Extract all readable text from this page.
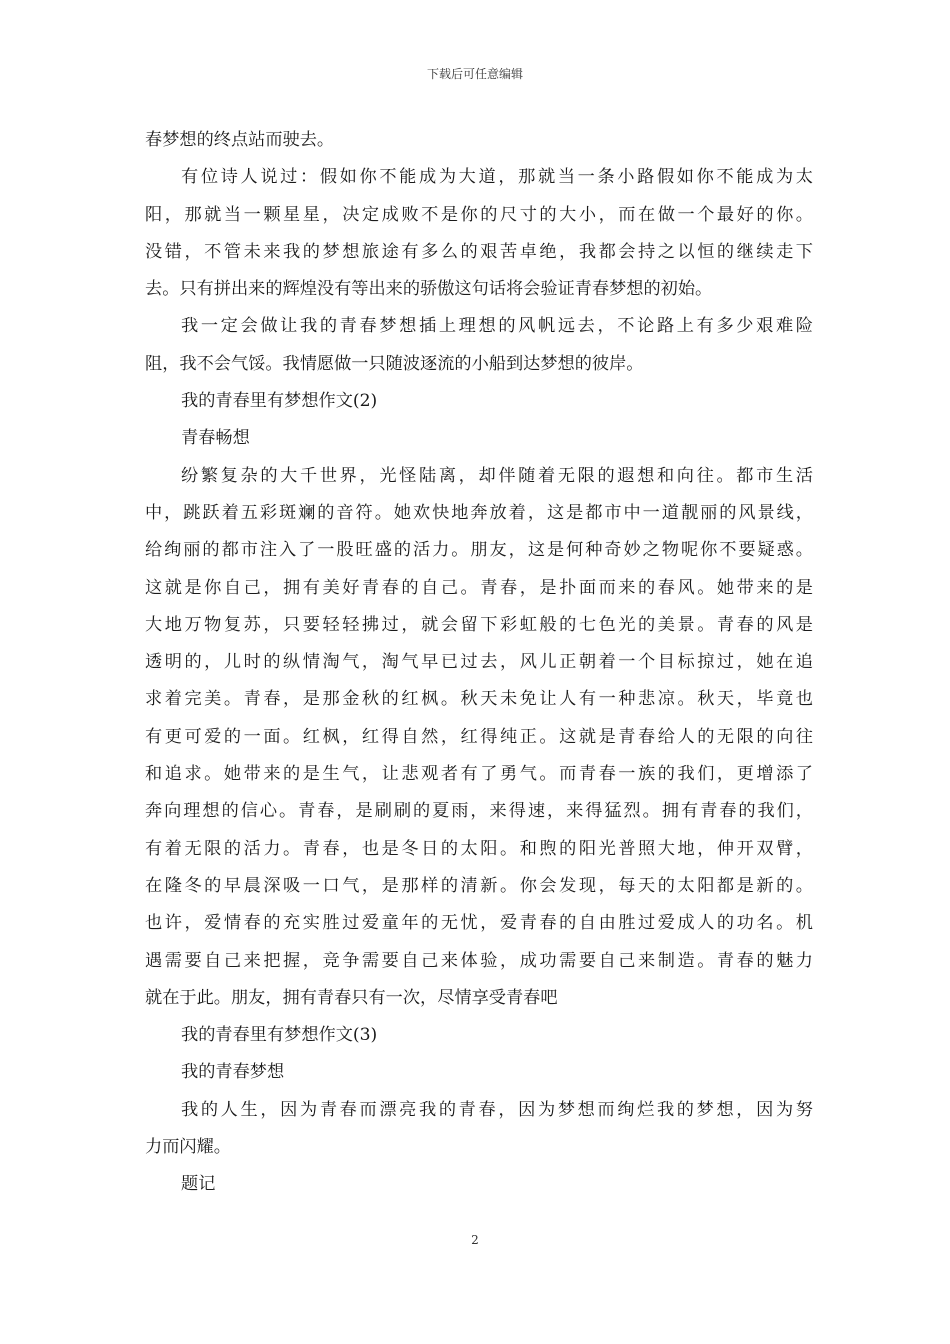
下载后可任意编辑
春梦想的终点站而驶去。
有位诗人说过：假如你不能成为大道，那就当一条小路假如你不能成为太
阳，那就当一颗星星，决定成败不是你的尺寸的大小，而在做一个最好的你。
没错，不管未来我的梦想旅途有多么的艰苦卓绝，我都会持之以恒的继续走下
去。只有拼出来的辉煌没有等出来的骄傲这句话将会验证青春梦想的初始。
我一定会做让我的青春梦想插上理想的风帆远去，不论路上有多少艰难险
阻，我不会气馁。我情愿做一只随波逐流的小船到达梦想的彼岸。
我的青春里有梦想作文(2)
青春畅想
纷繁复杂的大千世界，光怪陆离，却伴随着无限的遐想和向往。都市生活
中，跳跃着五彩斑斓的音符。她欢快地奔放着，这是都市中一道靓丽的风景线，
给绚丽的都市注入了一股旺盛的活力。朋友，这是何种奇妙之物呢你不要疑惑。
这就是你自己，拥有美好青春的自己。青春，是扑面而来的春风。她带来的是
大地万物复苏，只要轻轻拂过，就会留下彩虹般的七色光的美景。青春的风是
透明的，儿时的纵情淘气，淘气早已过去，风儿正朝着一个目标掠过，她在追
求着完美。青春，是那金秋的红枫。秋天未免让人有一种悲凉。秋天，毕竟也
有更可爱的一面。红枫，红得自然，红得纯正。这就是青春给人的无限的向往
和追求。她带来的是生气，让悲观者有了勇气。而青春一族的我们，更增添了
奔向理想的信心。青春，是刷刷的夏雨，来得速，来得猛烈。拥有青春的我们，
有着无限的活力。青春，也是冬日的太阳。和煦的阳光普照大地，伸开双臂，
在隆冬的早晨深吸一口气，是那样的清新。你会发现，每天的太阳都是新的。
也许，爱情春的充实胜过爱童年的无忧，爱青春的自由胜过爱成人的功名。机
遇需要自己来把握，竞争需要自己来体验，成功需要自己来制造。青春的魅力
就在于此。朋友，拥有青春只有一次，尽情享受青春吧
我的青春里有梦想作文(3)
我的青春梦想
我的人生，因为青春而漂亮我的青春，因为梦想而绚烂我的梦想，因为努
力而闪耀。
题记
2
